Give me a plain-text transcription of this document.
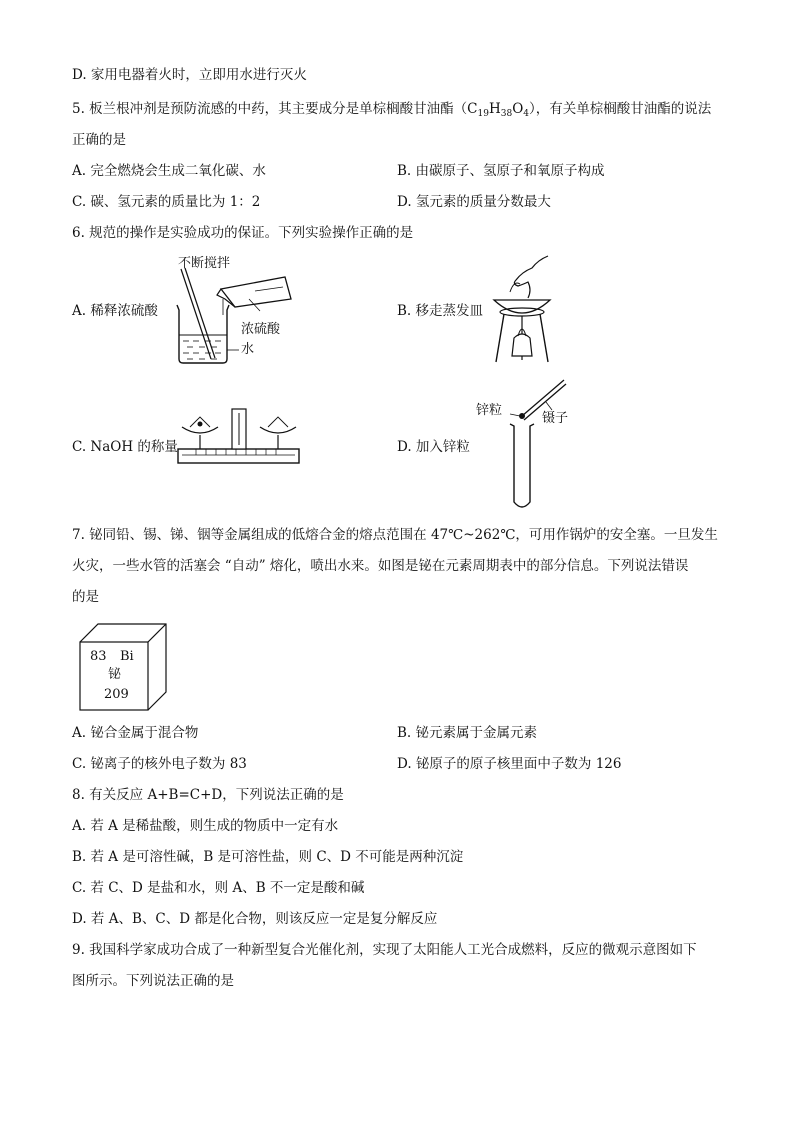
D. 家用电器着火时，立即用水进行灭火
5. 板兰根冲剂是预防流感的中药，其主要成分是单棕榈酸甘油酯$(C_{19}H_{38}O_4)$，有关单棕榈酸甘油酯的说法
正确的是
A. 完全燃烧会生成二氧化碳、水	B. 由碳原子、氢原子和氧原子构成
C. 碳、氢元素的质量比为 1：2	D. 氢元素的质量分数最大
6. 规范的操作是实验成功的保证。下列实验操作正确的是
A. 稀释浓硫酸
不断搅拌
浓硫酸
水
B. 移走蒸发皿
C. NaOH 的称量	D. 加入锌粒
锌粒
镊子
7. 铋同铅、锡、锑、铟等金属组成的低熔合金的熔点范围在 47℃~262℃，可用作锅炉的安全塞。一旦发生
火灾，一些水管的活塞会 “自动” 熔化，喷出水来。如图是铋在元素周期表中的部分信息。下列说法错误
的是
83 Bi
铋
209
A. 铋合金属于混合物	B. 铋元素属于金属元素
C. 铋离子的核外电子数为 83	D. 铋原子的原子核里面中子数为 126
8. 有关反应 A+B=C+D，下列说法正确的是
A. 若 A 是稀盐酸，则生成的物质中一定有水
B. 若 A 是可溶性碱，B 是可溶性盐，则 C、D 不可能是两种沉淀
C. 若 C、D 是盐和水，则 A、B 不一定是酸和碱
D. 若 A、B、C、D 都是化合物，则该反应一定是复分解反应
9. 我国科学家成功合成了一种新型复合光催化剂，实现了太阳能人工光合成燃料，反应的微观示意图如下
图所示。下列说法正确的是
